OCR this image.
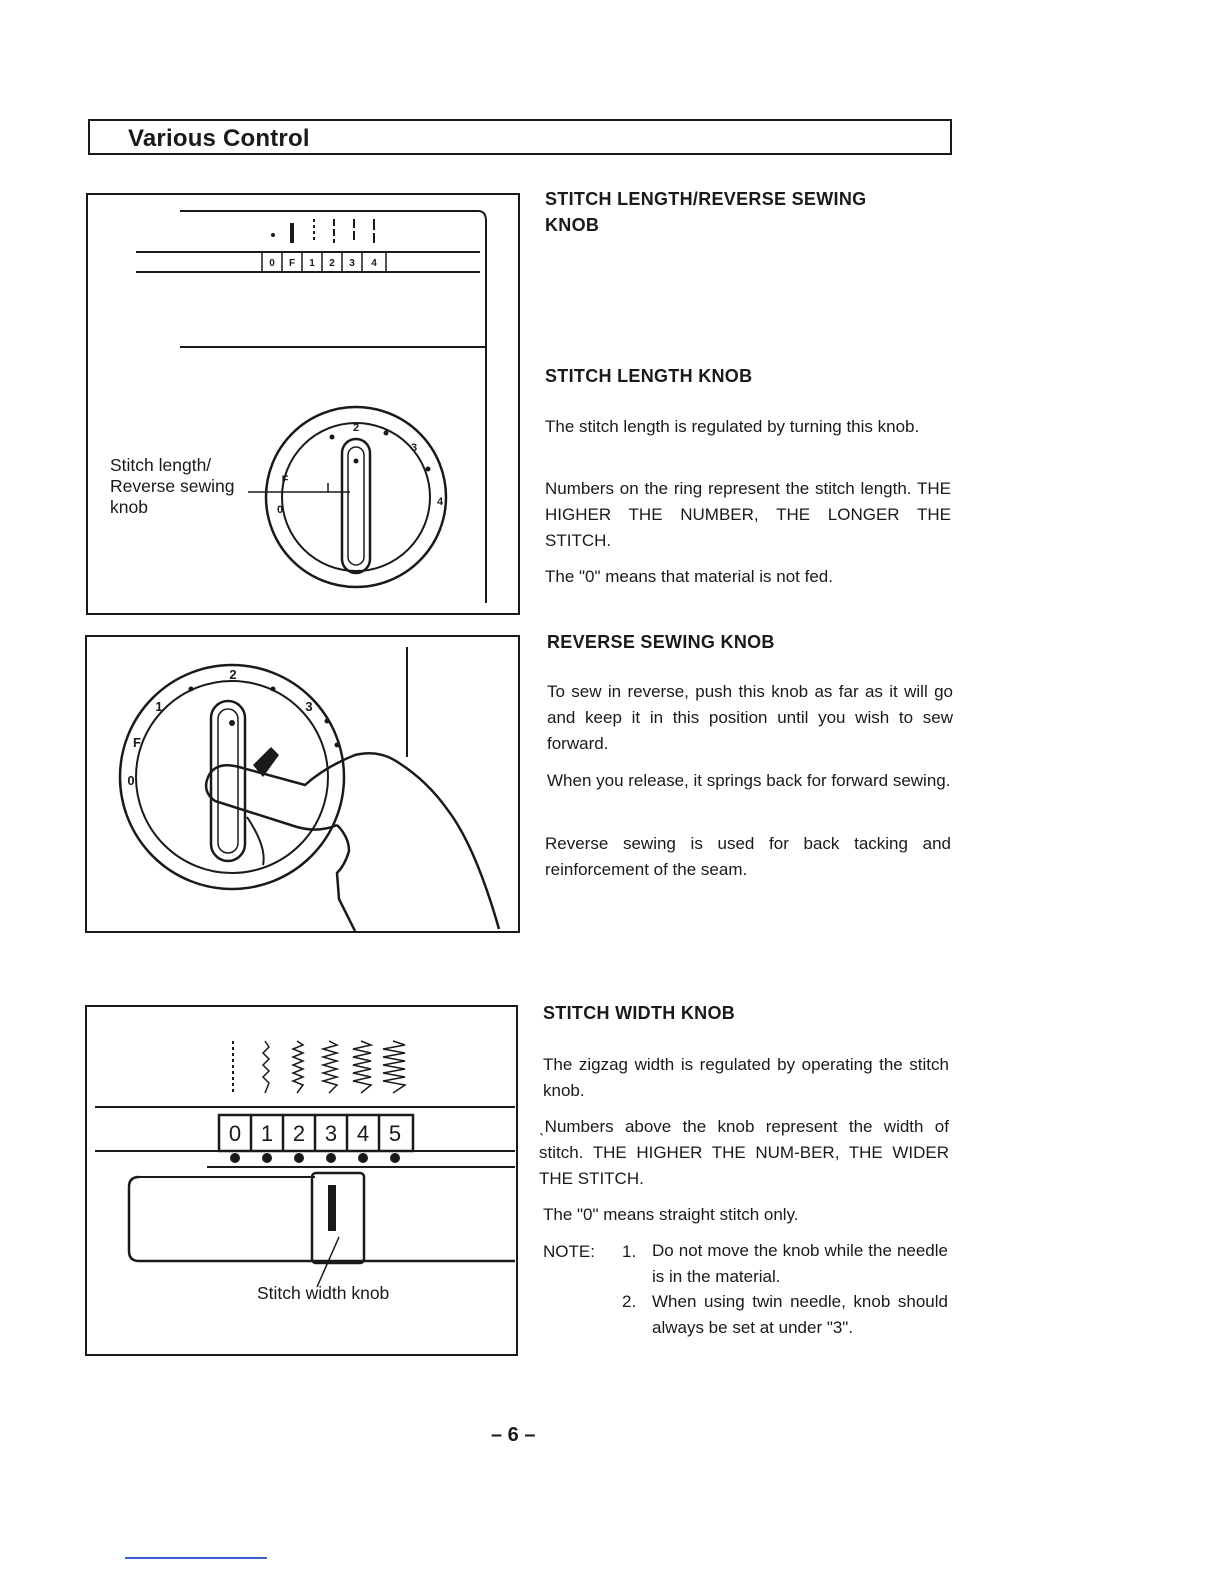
Various Control
0 F 1 2 3 4
2
3
4
F
0
Stitch length/
Reverse sewing
knob
2
1	3
F
0
0 1 2 3 4 5
Stitch width knob
STITCH LENGTH/REVERSE SEWING
KNOB
STITCH LENGTH KNOB
The stitch length is regulated by turning this knob.
Numbers on the ring represent the stitch length. THE HIGHER THE NUMBER, THE LONGER THE STITCH.
The "0" means that material is not fed.
REVERSE SEWING KNOB
To sew in reverse, push this knob as far as it will go and keep it in this position until you wish to sew forward.
When you release, it springs back for forward sewing.
Reverse sewing is used for back tacking and reinforcement of the seam.
STITCH WIDTH KNOB
The zigzag width is regulated by operating the stitch knob.
ˎNumbers above the knob represent the width of stitch. THE HIGHER THE NUM-BER, THE WIDER THE STITCH.
The "0" means straight stitch only.
NOTE: 1. Do not move the knob while the needle is in the material.
2. When using twin needle, knob should always be set at under "3".
– 6 –
